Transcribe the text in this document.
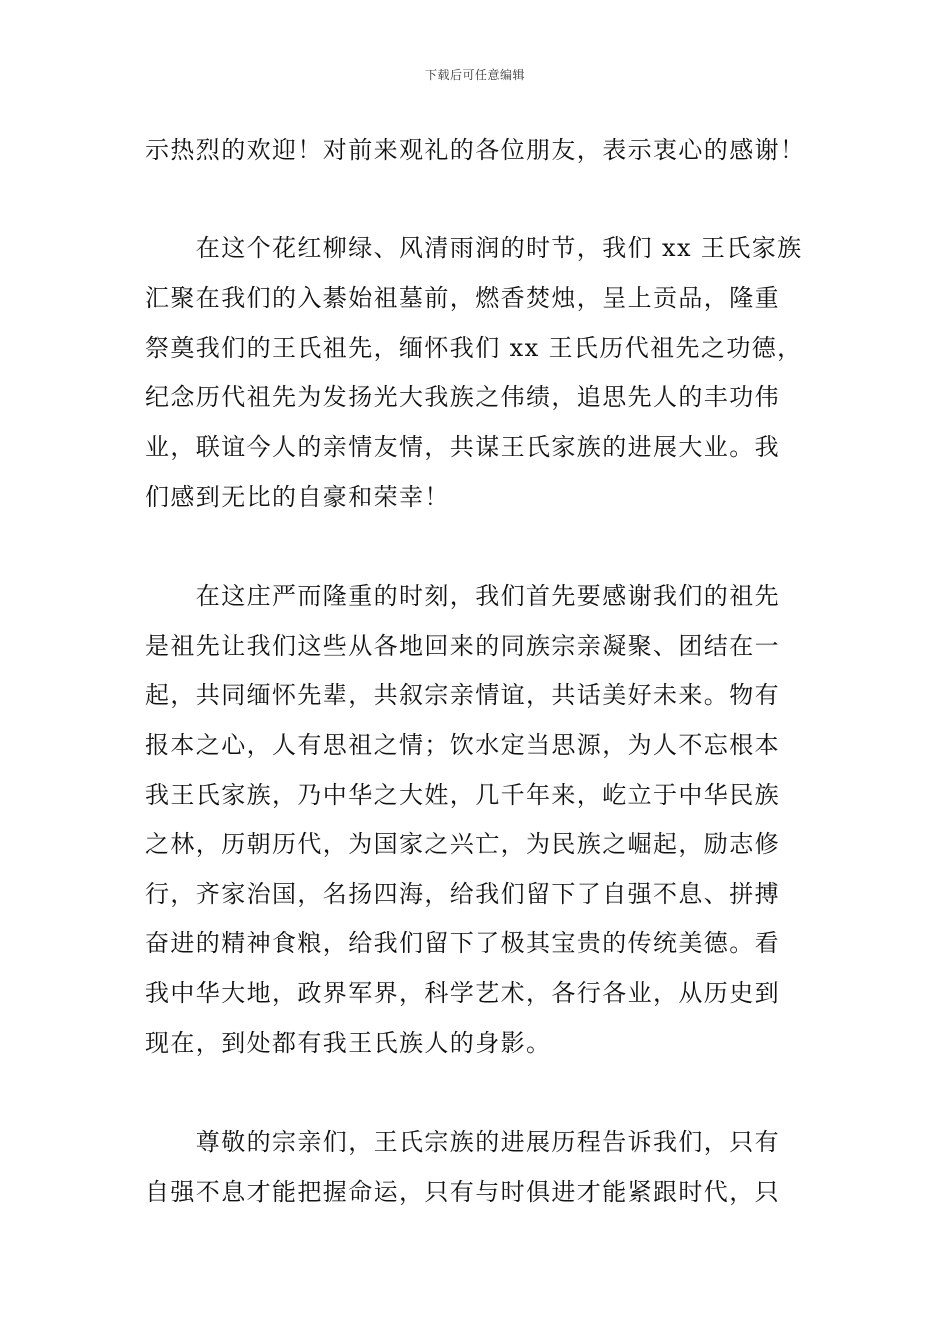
下载后可任意编辑
示热烈的欢迎！对前来观礼的各位朋友，表示衷心的感谢！
　　在这个花红柳绿、风清雨润的时节，我们 xx 王氏家族
汇聚在我们的入綦始祖墓前，燃香焚烛，呈上贡品，隆重
祭奠我们的王氏祖先，缅怀我们 xx 王氏历代祖先之功德，
纪念历代祖先为发扬光大我族之伟绩，追思先人的丰功伟
业，联谊今人的亲情友情，共谋王氏家族的进展大业。我
们感到无比的自豪和荣幸！
　　在这庄严而隆重的时刻，我们首先要感谢我们的祖先
是祖先让我们这些从各地回来的同族宗亲凝聚、团结在一
起，共同缅怀先辈，共叙宗亲情谊，共话美好未来。物有
报本之心，人有思祖之情；饮水定当思源，为人不忘根本
我王氏家族，乃中华之大姓，几千年来，屹立于中华民族
之林，历朝历代，为国家之兴亡，为民族之崛起，励志修
行，齐家治国，名扬四海，给我们留下了自强不息、拼搏
奋进的精神食粮，给我们留下了极其宝贵的传统美德。看
我中华大地，政界军界，科学艺术，各行各业，从历史到
现在，到处都有我王氏族人的身影。
　　尊敬的宗亲们，王氏宗族的进展历程告诉我们，只有
自强不息才能把握命运，只有与时俱进才能紧跟时代，只
